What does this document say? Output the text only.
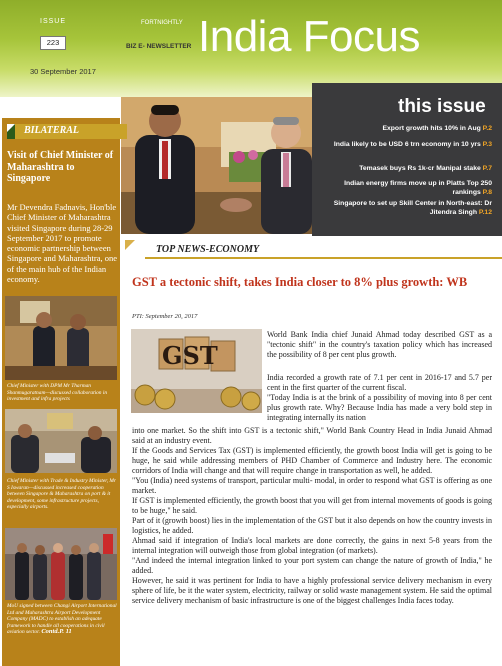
ISSUE
223
30 September 2017
FORTNIGHTLY
BIZ E- NEWSLETTER India Focus
this issue
Export growth hits 10% in Aug P.2
India likely to be USD 6 trn economy in 10 yrs P.3
Temasek buys Rs 1k-cr Manipal stake P.7
Indian energy firms move up in Platts Top 250 rankings P.8
Singapore to set up Skill Center in North-east: Dr Jitendra Singh P.12
BILATERAL
Visit of Chief Minister of Maharashtra to Singapore
Mr Devendra Fadnavis, Hon'ble Chief Minister of Maharashtra visited Singapore during 28-29 September 2017 to promote economic partnership between Singapore and Maharashtra, one of the main hub of the Indian economy.
Chief Minister with DPM Mr Tharman Shanmugaratnam—discussed collaboration in investment and infra projects
Chief Minister with Trade & Industry Minister, Mr S Iswaran—discussed increased cooperation between Singapore & Maharashtra on port & it development, some infrastructure projects, especially airports.
MoU signed between Changi Airport International Ltd and Maharashtra Airport Development Company (MADC) to establish an adequate framework to handle all cooperations in civil aviation sector. Contd.P. 11
TOP NEWS-ECONOMY
GST a tectonic shift, takes India closer to 8% plus growth: WB
PTI: September 20, 2017
GST
World Bank India chief Junaid Ahmad today described GST as a "tectonic shift" in the country's taxation policy which has increased the possibility of 8 per cent plus growth.
India recorded a growth rate of 7.1 per cent in 2016-17 and 5.7 per cent in the first quarter of the current fiscal.
"Today India is at the brink of a possibility of moving into 8 per cent plus growth rate. Why? Because India has made a very bold step in integrating internally its nation
into one market. So the shift into GST is a tectonic shift," World Bank Country Head in India Junaid Ahmad said at an industry event.
If the Goods and Services Tax (GST) is implemented efficiently, the growth boost India will get is going to be huge, he said while addressing members of PHD Chamber of Commerce and Industry here. The economic corridors of India will change and that will require change in transportation as well, he added.
"You (India) need systems of transport, particular multi- modal, in order to respond what GST is offering as one market.
If GST is implemented efficiently, the growth boost that you will get from internal movements of goods is going to be huge," he said.
Part of it (growth boost) lies in the implementation of the GST but it also depends on how the country invests in logistics, he added.
Ahmad said if integration of India's local markets are done correctly, the gains in next 5-8 years from the internal integration will outweigh those from global integration (of markets).
"And indeed the internal integration linked to your port system can change the nature of growth of India," he added.
However, he said it was pertinent for India to have a highly professional service delivery mechanism in every sphere of life, be it the water system, electricity, railway or solid waste management system. He said the optimal service delivery mechanism of basic infrastructure is one of the biggest challenges India faces today.
